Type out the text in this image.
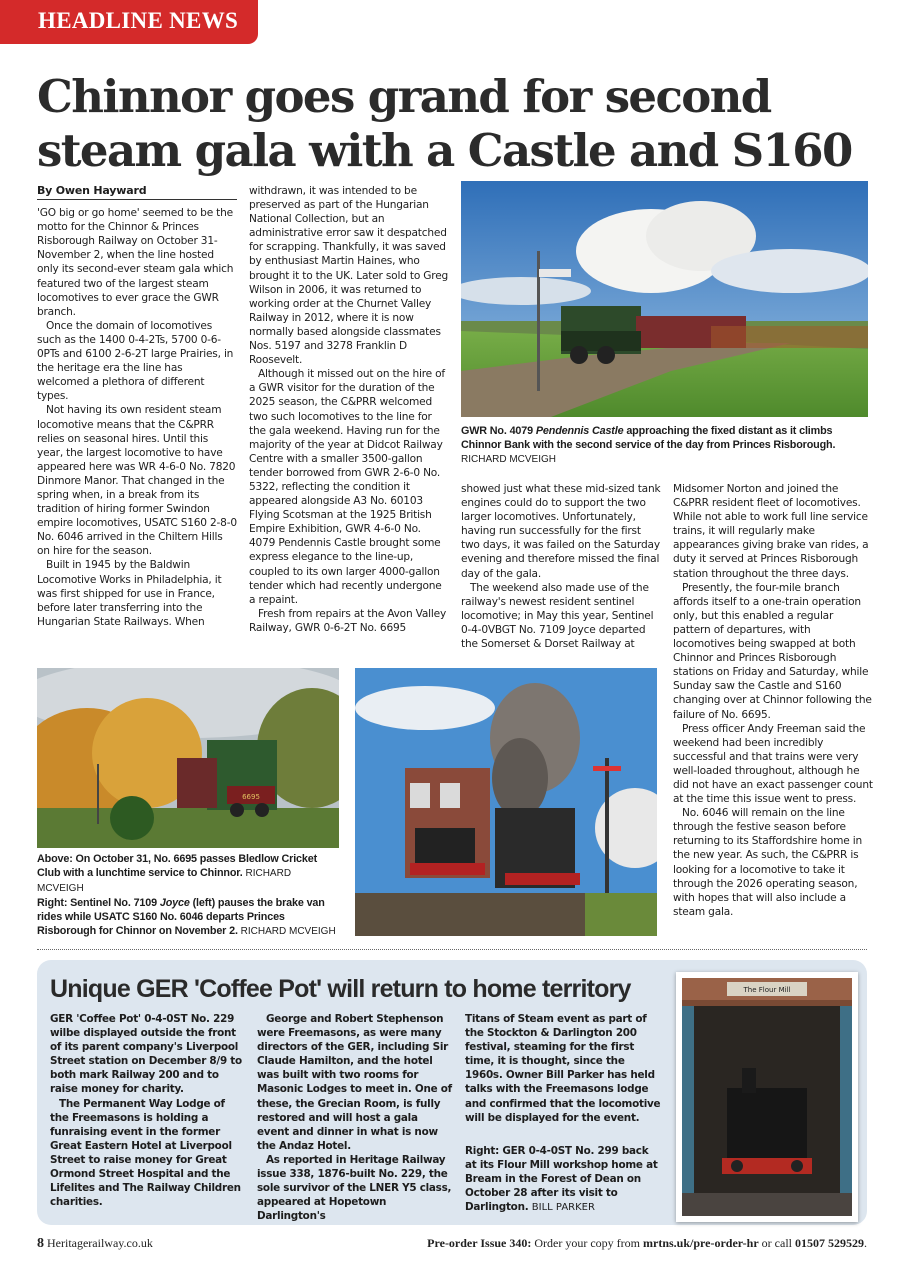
HEADLINE NEWS
Chinnor goes grand for second
steam gala with a Castle and S160
By Owen Hayward

'GO big or go home' seemed to be the motto for the Chinnor & Princes Risborough Railway on October 31-November 2, when the line hosted only its second-ever steam gala which featured two of the largest steam locomotives to ever grace the GWR branch.

Once the domain of locomotives such as the 1400 0-4-2Ts, 5700 0-6-0PTs and 6100 2-6-2T large Prairies, in the heritage era the line has welcomed a plethora of different types.

Not having its own resident steam locomotive means that the C&PRR relies on seasonal hires. Until this year, the largest locomotive to have appeared here was WR 4-6-0 No. 7820 Dinmore Manor. That changed in the spring when, in a break from its tradition of hiring former Swindon empire locomotives, USATC S160 2-8-0 No. 6046 arrived in the Chiltern Hills on hire for the season.

Built in 1945 by the Baldwin Locomotive Works in Philadelphia, it was first shipped for use in France, before later transferring into the Hungarian State Railways. When

withdrawn, it was intended to be preserved as part of the Hungarian National Collection, but an administrative error saw it despatched for scrapping. Thankfully, it was saved by enthusiast Martin Haines, who brought it to the UK. Later sold to Greg Wilson in 2006, it was returned to working order at the Churnet Valley Railway in 2012, where it is now normally based alongside classmates Nos. 5197 and 3278 Franklin D Roosevelt.

Although it missed out on the hire of a GWR visitor for the duration of the 2025 season, the C&PRR welcomed two such locomotives to the line for the gala weekend. Having run for the majority of the year at Didcot Railway Centre with a smaller 3500-gallon tender borrowed from GWR 2-6-0 No. 5322, reflecting the condition it appeared alongside A3 No. 60103 Flying Scotsman at the 1925 British Empire Exhibition, GWR 4-6-0 No. 4079 Pendennis Castle brought some express elegance to the line-up, coupled to its own larger 4000-gallon tender which had recently undergone a repaint.

Fresh from repairs at the Avon Valley Railway, GWR 0-6-2T No. 6695

GWR No. 4079 Pendennis Castle approaching the fixed distant as it climbs Chinnor Bank with the second service of the day from Princes Risborough.
RICHARD MCVEIGH

showed just what these mid-sized tank engines could do to support the two larger locomotives. Unfortunately, having run successfully for the first two days, it was failed on the Saturday evening and therefore missed the final day of the gala.

The weekend also made use of the railway's newest resident sentinel locomotive; in May this year, Sentinel 0-4-0VBGT No. 7109 Joyce departed the Somerset & Dorset Railway at

Midsomer Norton and joined the C&PRR resident fleet of locomotives. While not able to work full line service trains, it will regularly make appearances giving brake van rides, a duty it served at Princes Risborough station throughout the three days.

Presently, the four-mile branch affords itself to a one-train operation only, but this enabled a regular pattern of departures, with locomotives being swapped at both Chinnor and Princes Risborough stations on Friday and Saturday, while Sunday saw the Castle and S160 changing over at Chinnor following the failure of No. 6695.

Press officer Andy Freeman said the weekend had been incredibly successful and that trains were very well-loaded throughout, although he did not have an exact passenger count at the time this issue went to press.

No. 6046 will remain on the line through the festive season before returning to its Staffordshire home in the new year. As such, the C&PRR is looking for a locomotive to take it through the 2026 operating season, with hopes that will also include a steam gala.

6695
Above: On October 31, No. 6695 passes Bledlow Cricket Club with a lunchtime service to Chinnor. RICHARD MCVEIGH
Right: Sentinel No. 7109 Joyce (left) pauses the brake van rides while USATC S160 No. 6046 departs Princes Risborough for Chinnor on November 2. RICHARD MCVEIGH
Unique GER 'Coffee Pot' will return to home territory

GER 'Coffee Pot' 0-4-0ST No. 229 wilbe displayed outside the front of its parent company's Liverpool Street station on December 8/9 to both mark Railway 200 and to raise money for charity.

The Permanent Way Lodge of the Freemasons is holding a funraising event in the former Great Eastern Hotel at Liverpool Street to raise money for Great Ormond Street Hospital and the Lifelites and The Railway Children charities.

George and Robert Stephenson were Freemasons, as were many directors of the GER, including Sir Claude Hamilton, and the hotel was built with two rooms for Masonic Lodges to meet in. One of these, the Grecian Room, is fully restored and will host a gala event and dinner in what is now the Andaz Hotel.

As reported in Heritage Railway issue 338, 1876-built No. 229, the sole survivor of the LNER Y5 class, appeared at Hopetown Darlington's

Titans of Steam event as part of the Stockton & Darlington 200 festival, steaming for the first time, it is thought, since the 1960s. Owner Bill Parker has held talks with the Freemasons lodge and confirmed that the locomotive will be displayed for the event.

Right: GER 0-4-0ST No. 299 back at its Flour Mill workshop home at Bream in the Forest of Dean on October 28 after its visit to Darlington. BILL PARKER
The Flour Mill
8 Heritagerailway.co.uk	Pre-order Issue 340: Order your copy from mrtns.uk/pre-order-hr or call 01507 529529.
